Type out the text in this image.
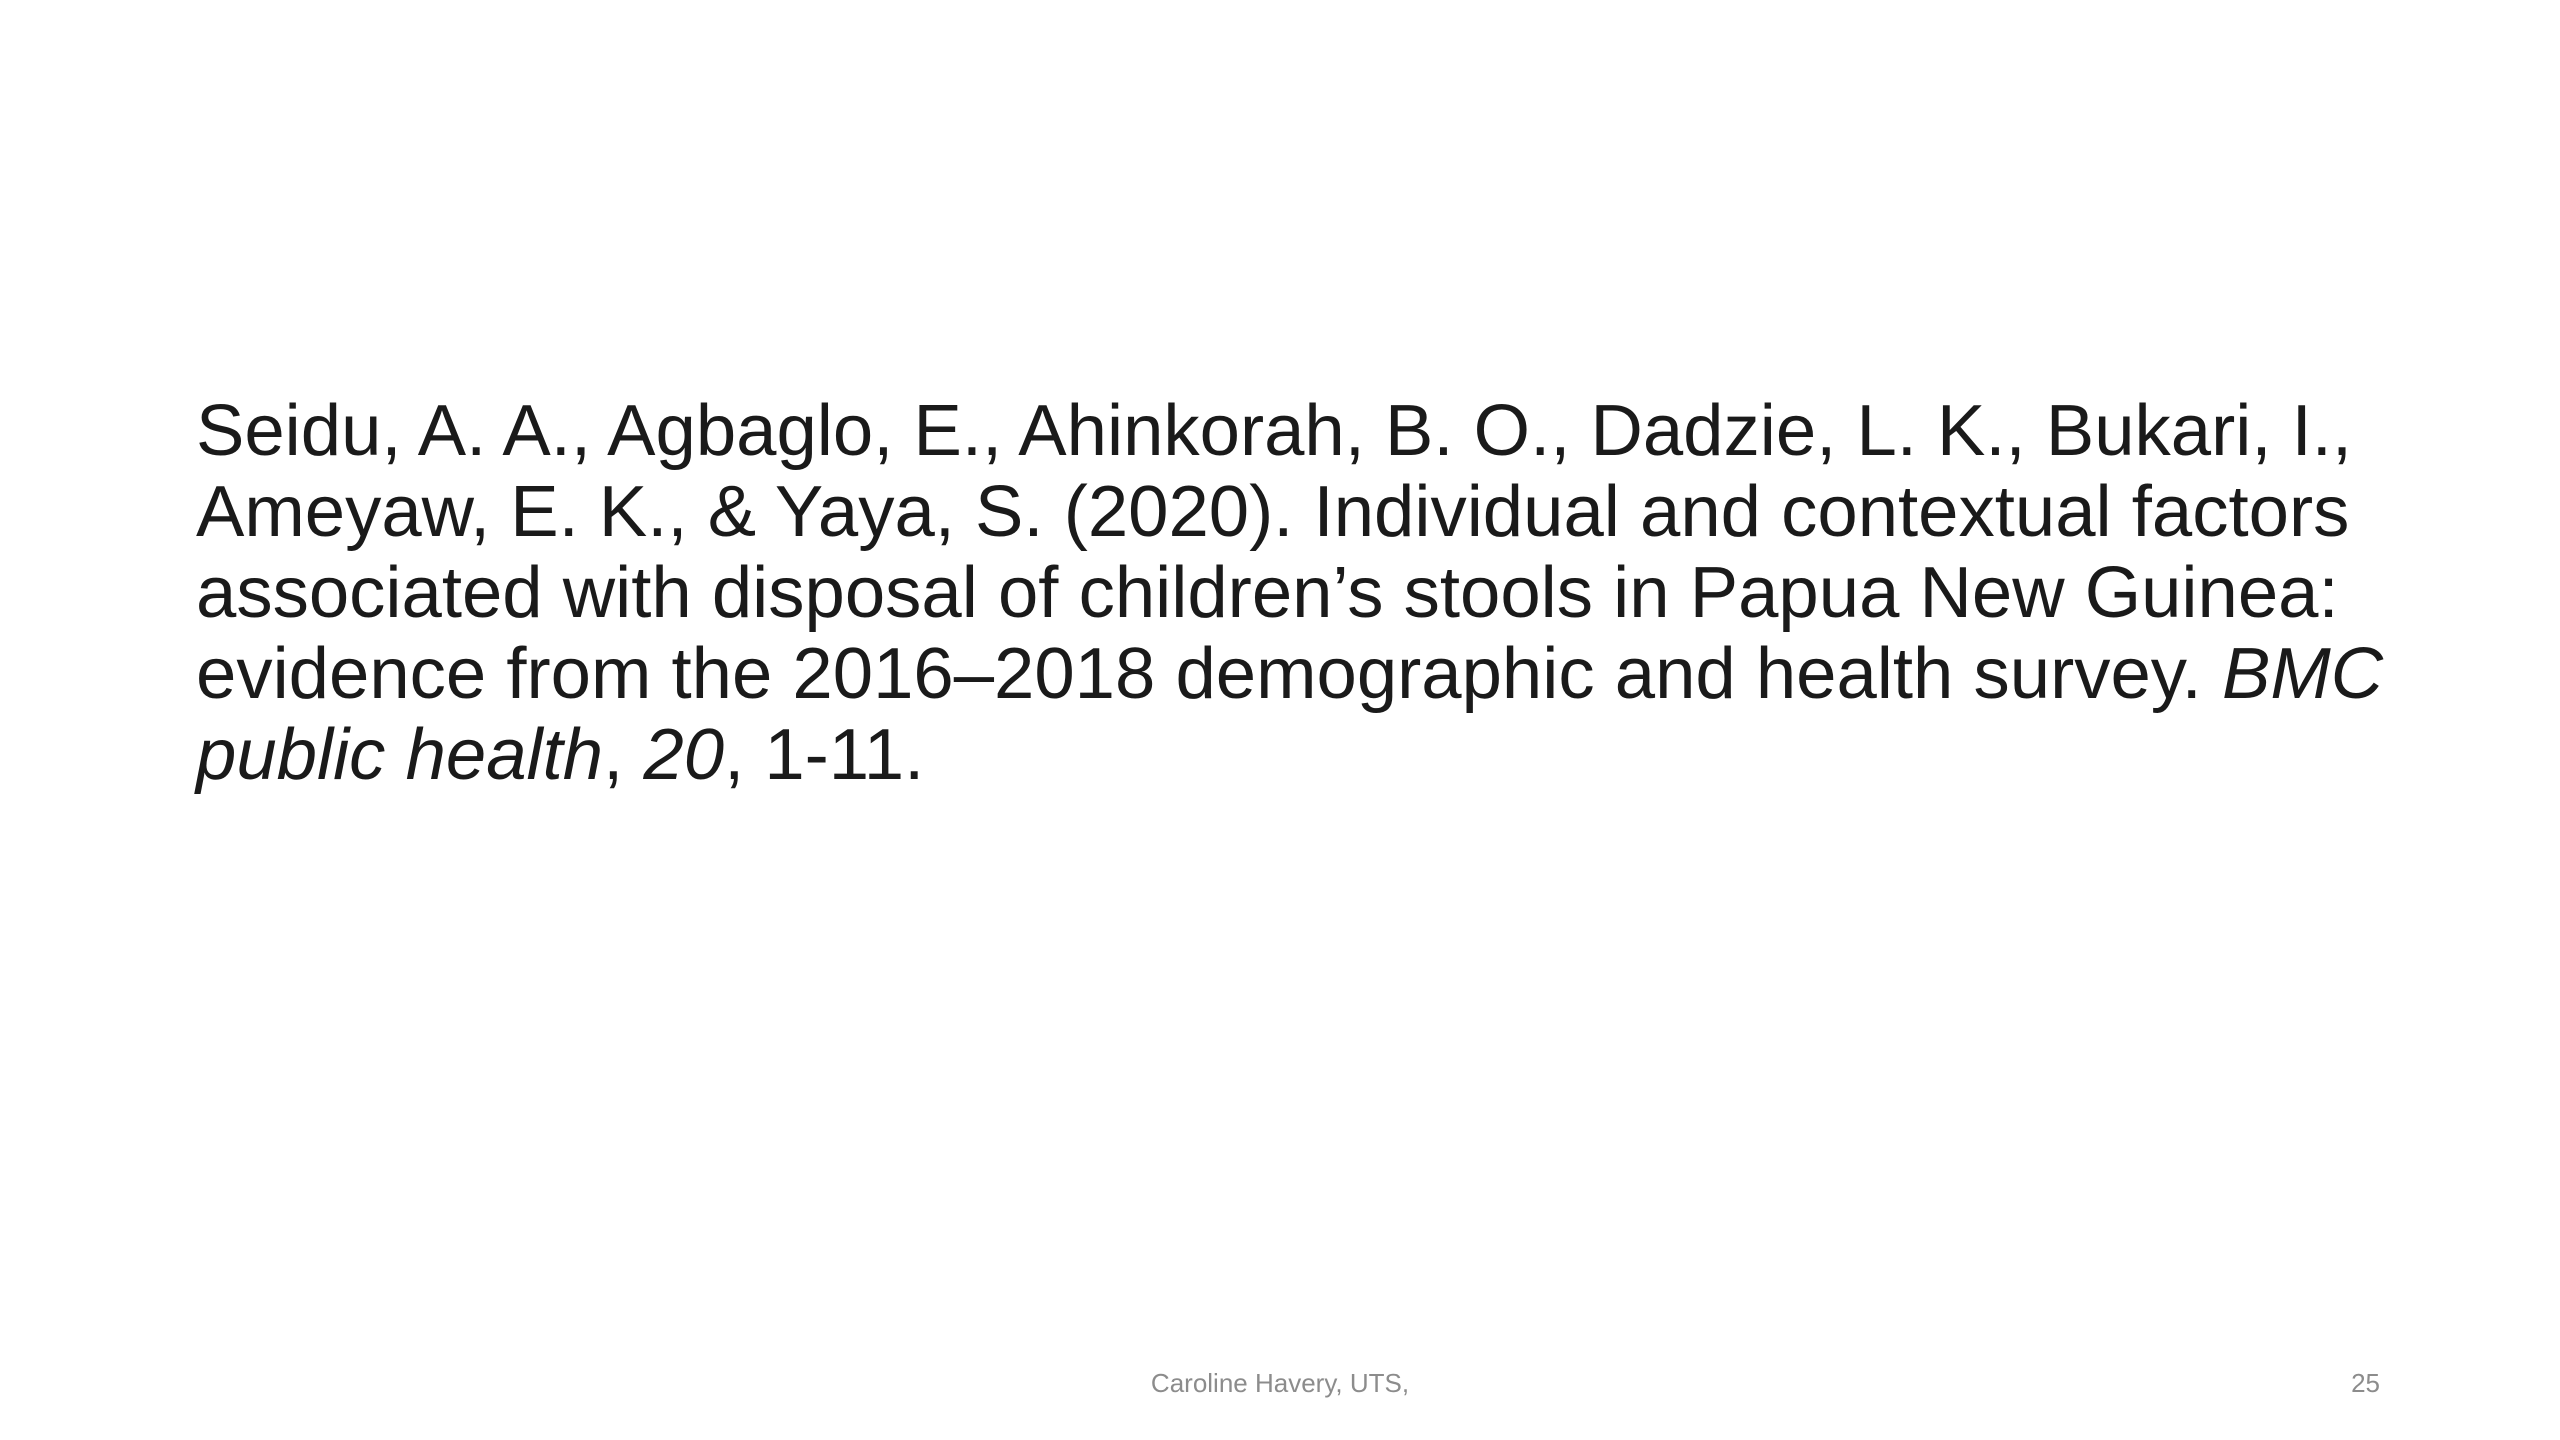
Seidu, A. A., Agbaglo, E., Ahinkorah, B. O., Dadzie, L. K., Bukari, I., Ameyaw, E. K., & Yaya, S. (2020). Individual and contextual factors associated with disposal of children’s stools in Papua New Guinea: evidence from the 2016–2018 demographic and health survey. BMC public health, 20, 1-11.

Caroline Havery, UTS,	25
